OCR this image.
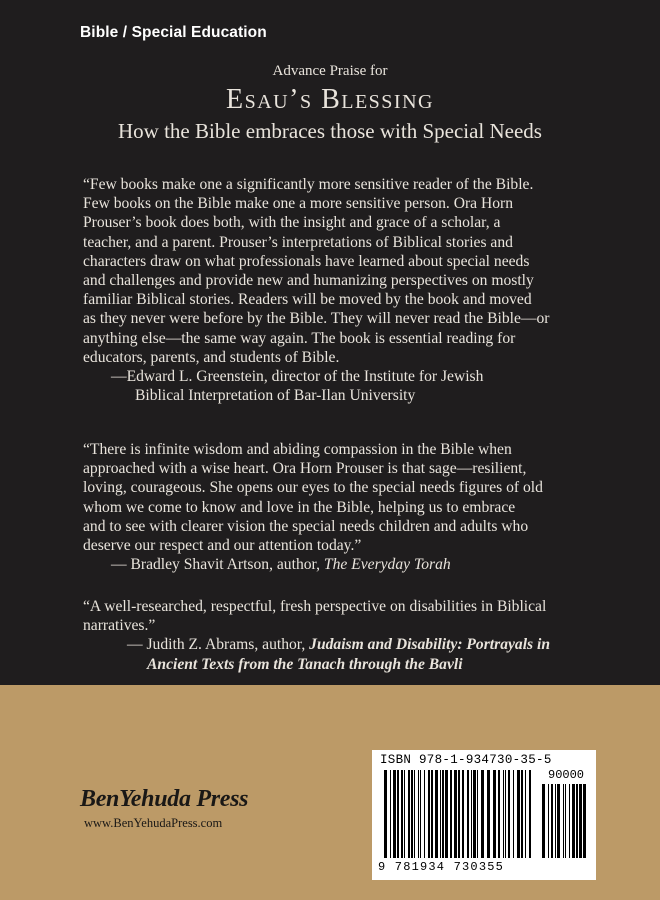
Bible / Special Education
Advance Praise for
Esau’s Blessing
How the Bible embraces those with Special Needs
“Few books make one a significantly more sensitive reader of the Bible.
Few books on the Bible make one a more sensitive person. Ora Horn
Prouser’s book does both, with the insight and grace of a scholar, a
teacher, and a parent. Prouser’s interpretations of Biblical stories and
characters draw on what professionals have learned about special needs
and challenges and provide new and humanizing perspectives on mostly
familiar Biblical stories. Readers will be moved by the book and moved
as they never were before by the Bible. They will never read the Bible—or
anything else—the same way again. The book is essential reading for
educators, parents, and students of Bible.
—Edward L. Greenstein, director of the Institute for Jewish
Biblical Interpretation of Bar-Ilan University
“There is infinite wisdom and abiding compassion in the Bible when
approached with a wise heart. Ora Horn Prouser is that sage—resilient,
loving, courageous. She opens our eyes to the special needs figures of old
whom we come to know and love in the Bible, helping us to embrace
and to see with clearer vision the special needs children and adults who
deserve our respect and our attention today.”
— Bradley Shavit Artson, author, The Everyday Torah
“A well-researched, respectful, fresh perspective on disabilities in Biblical
narratives.”
— Judith Z. Abrams, author, Judaism and Disability: Portrayals in
Ancient Texts from the Tanach through the Bavli
BenYehuda Press
www.BenYehudaPress.com
ISBN 978-1-934730-35-5
90000
9 781934 730355
